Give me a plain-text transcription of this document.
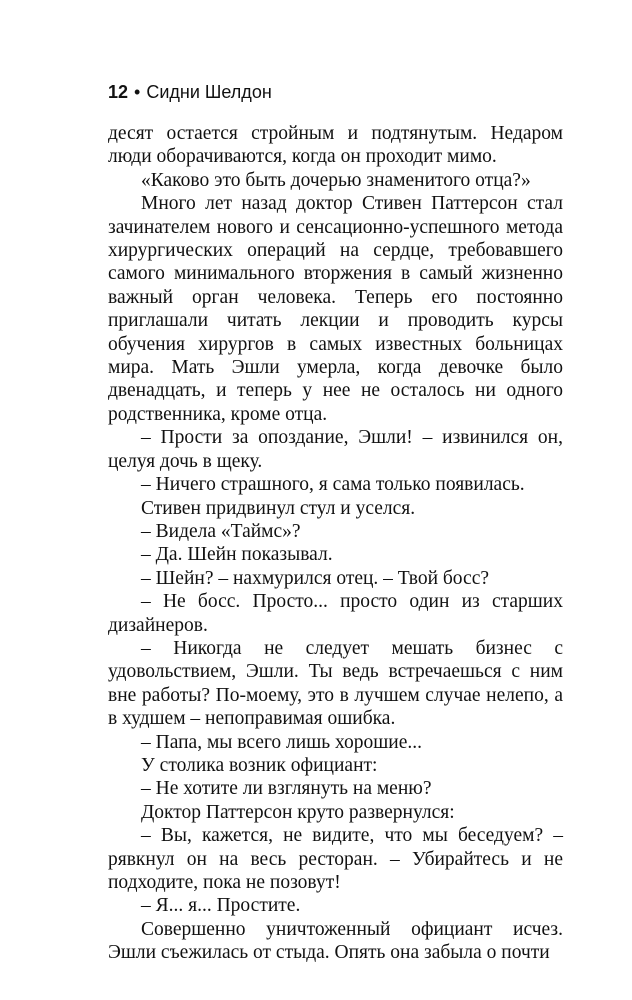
12 • Сидни Шелдон

десят остается стройным и подтянутым. Недаром люди оборачиваются, когда он проходит мимо.

«Каково это быть дочерью знаменитого отца?»

Много лет назад доктор Стивен Паттерсон стал зачинателем нового и сенсационно-успешного метода хирургических операций на сердце, требовавшего самого минимального вторжения в самый жизненно важный орган человека. Теперь его постоянно приглашали читать лекции и проводить курсы обучения хирургов в самых известных больницах мира. Мать Эшли умерла, когда девочке было двенадцать, и теперь у нее не осталось ни одного родственника, кроме отца.

– Прости за опоздание, Эшли! – извинился он, целуя дочь в щеку.

– Ничего страшного, я сама только появилась.

Стивен придвинул стул и уселся.

– Видела «Таймс»?

– Да. Шейн показывал.

– Шейн? – нахмурился отец. – Твой босс?

– Не босс. Просто... просто один из старших дизайнеров.

– Никогда не следует мешать бизнес с удовольствием, Эшли. Ты ведь встречаешься с ним вне работы? По-моему, это в лучшем случае нелепо, а в худшем – непоправимая ошибка.

– Папа, мы всего лишь хорошие...

У столика возник официант:

– Не хотите ли взглянуть на меню?

Доктор Паттерсон круто развернулся:

– Вы, кажется, не видите, что мы беседуем? – рявкнул он на весь ресторан. – Убирайтесь и не подходите, пока не позовут!

– Я... я... Простите.

Совершенно уничтоженный официант исчез. Эшли съежилась от стыда. Опять она забыла о почти
